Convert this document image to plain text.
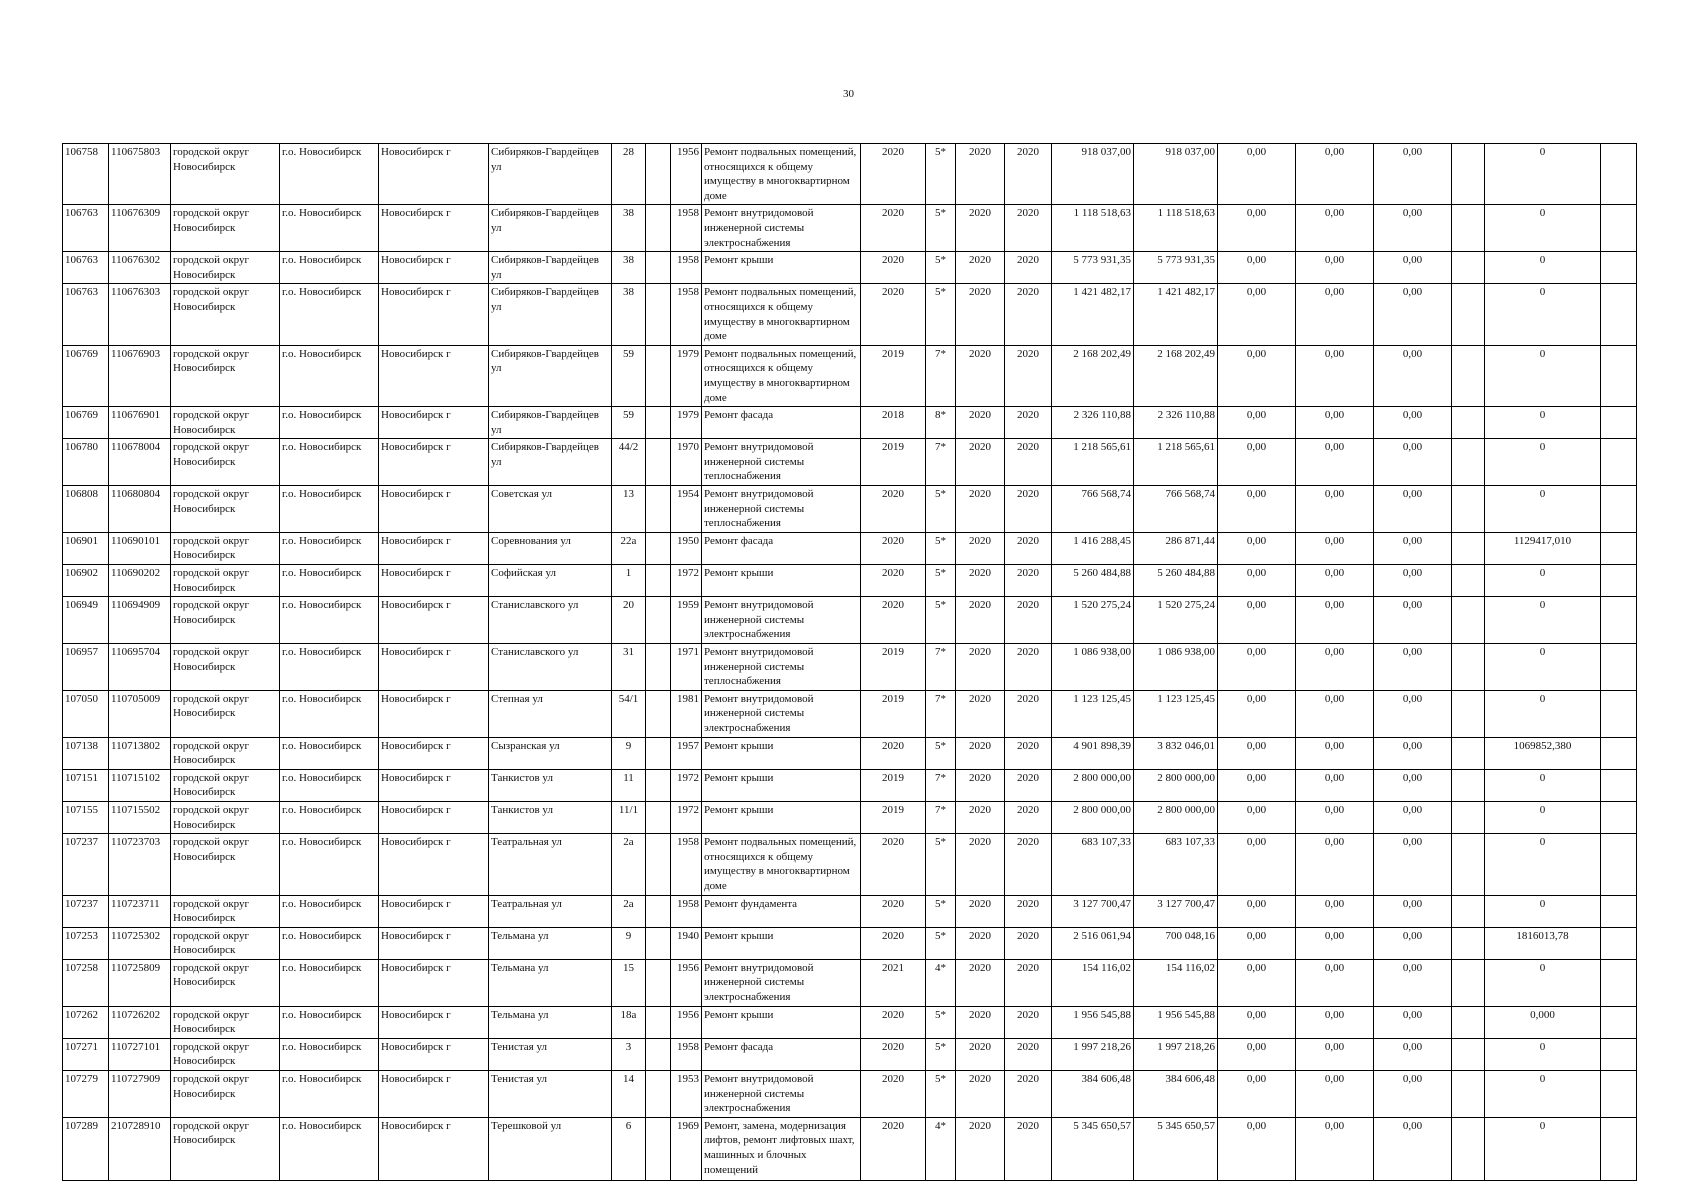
30
106758	110675803	городской округ Новосибирск	г.о. Новосибирск	Новосибирск г	Сибиряков-Гвардейцев ул	28		1956	Ремонт подвальных помещений, относящихся к общему имуществу в многоквартирном доме	2020	5*	2020	2020	918 037,00	918 037,00	0,00	0,00	0,00		0	
106763	110676309	городской округ Новосибирск	г.о. Новосибирск	Новосибирск г	Сибиряков-Гвардейцев ул	38		1958	Ремонт внутридомовой инженерной системы электроснабжения	2020	5*	2020	2020	1 118 518,63	1 118 518,63	0,00	0,00	0,00		0	
106763	110676302	городской округ Новосибирск	г.о. Новосибирск	Новосибирск г	Сибиряков-Гвардейцев ул	38		1958	Ремонт крыши	2020	5*	2020	2020	5 773 931,35	5 773 931,35	0,00	0,00	0,00		0	
106763	110676303	городской округ Новосибирск	г.о. Новосибирск	Новосибирск г	Сибиряков-Гвардейцев ул	38		1958	Ремонт подвальных помещений, относящихся к общему имуществу в многоквартирном доме	2020	5*	2020	2020	1 421 482,17	1 421 482,17	0,00	0,00	0,00		0	
106769	110676903	городской округ Новосибирск	г.о. Новосибирск	Новосибирск г	Сибиряков-Гвардейцев ул	59		1979	Ремонт подвальных помещений, относящихся к общему имуществу в многоквартирном доме	2019	7*	2020	2020	2 168 202,49	2 168 202,49	0,00	0,00	0,00		0	
106769	110676901	городской округ Новосибирск	г.о. Новосибирск	Новосибирск г	Сибиряков-Гвардейцев ул	59		1979	Ремонт фасада	2018	8*	2020	2020	2 326 110,88	2 326 110,88	0,00	0,00	0,00		0	
106780	110678004	городской округ Новосибирск	г.о. Новосибирск	Новосибирск г	Сибиряков-Гвардейцев ул	44/2		1970	Ремонт внутридомовой инженерной системы теплоснабжения	2019	7*	2020	2020	1 218 565,61	1 218 565,61	0,00	0,00	0,00		0	
106808	110680804	городской округ Новосибирск	г.о. Новосибирск	Новосибирск г	Советская ул	13		1954	Ремонт внутридомовой инженерной системы теплоснабжения	2020	5*	2020	2020	766 568,74	766 568,74	0,00	0,00	0,00		0	
106901	110690101	городской округ Новосибирск	г.о. Новосибирск	Новосибирск г	Соревнования ул	22а		1950	Ремонт фасада	2020	5*	2020	2020	1 416 288,45	286 871,44	0,00	0,00	0,00		1129417,010	
106902	110690202	городской округ Новосибирск	г.о. Новосибирск	Новосибирск г	Софийская ул	1		1972	Ремонт крыши	2020	5*	2020	2020	5 260 484,88	5 260 484,88	0,00	0,00	0,00		0	
106949	110694909	городской округ Новосибирск	г.о. Новосибирск	Новосибирск г	Станиславского ул	20		1959	Ремонт внутридомовой инженерной системы электроснабжения	2020	5*	2020	2020	1 520 275,24	1 520 275,24	0,00	0,00	0,00		0	
106957	110695704	городской округ Новосибирск	г.о. Новосибирск	Новосибирск г	Станиславского ул	31		1971	Ремонт внутридомовой инженерной системы теплоснабжения	2019	7*	2020	2020	1 086 938,00	1 086 938,00	0,00	0,00	0,00		0	
107050	110705009	городской округ Новосибирск	г.о. Новосибирск	Новосибирск г	Степная ул	54/1		1981	Ремонт внутридомовой инженерной системы электроснабжения	2019	7*	2020	2020	1 123 125,45	1 123 125,45	0,00	0,00	0,00		0	
107138	110713802	городской округ Новосибирск	г.о. Новосибирск	Новосибирск г	Сызранская ул	9		1957	Ремонт крыши	2020	5*	2020	2020	4 901 898,39	3 832 046,01	0,00	0,00	0,00		1069852,380	
107151	110715102	городской округ Новосибирск	г.о. Новосибирск	Новосибирск г	Танкистов ул	11		1972	Ремонт крыши	2019	7*	2020	2020	2 800 000,00	2 800 000,00	0,00	0,00	0,00		0	
107155	110715502	городской округ Новосибирск	г.о. Новосибирск	Новосибирск г	Танкистов ул	11/1		1972	Ремонт крыши	2019	7*	2020	2020	2 800 000,00	2 800 000,00	0,00	0,00	0,00		0	
107237	110723703	городской округ Новосибирск	г.о. Новосибирск	Новосибирск г	Театральная ул	2а		1958	Ремонт подвальных помещений, относящихся к общему имуществу в многоквартирном доме	2020	5*	2020	2020	683 107,33	683 107,33	0,00	0,00	0,00		0	
107237	110723711	городской округ Новосибирск	г.о. Новосибирск	Новосибирск г	Театральная ул	2а		1958	Ремонт фундамента	2020	5*	2020	2020	3 127 700,47	3 127 700,47	0,00	0,00	0,00		0	
107253	110725302	городской округ Новосибирск	г.о. Новосибирск	Новосибирск г	Тельмана ул	9		1940	Ремонт крыши	2020	5*	2020	2020	2 516 061,94	700 048,16	0,00	0,00	0,00		1816013,78	
107258	110725809	городской округ Новосибирск	г.о. Новосибирск	Новосибирск г	Тельмана ул	15		1956	Ремонт внутридомовой инженерной системы электроснабжения	2021	4*	2020	2020	154 116,02	154 116,02	0,00	0,00	0,00		0	
107262	110726202	городской округ Новосибирск	г.о. Новосибирск	Новосибирск г	Тельмана ул	18а		1956	Ремонт крыши	2020	5*	2020	2020	1 956 545,88	1 956 545,88	0,00	0,00	0,00		0,000	
107271	110727101	городской округ Новосибирск	г.о. Новосибирск	Новосибирск г	Тенистая ул	3		1958	Ремонт фасада	2020	5*	2020	2020	1 997 218,26	1 997 218,26	0,00	0,00	0,00		0	
107279	110727909	городской округ Новосибирск	г.о. Новосибирск	Новосибирск г	Тенистая ул	14		1953	Ремонт внутридомовой инженерной системы электроснабжения	2020	5*	2020	2020	384 606,48	384 606,48	0,00	0,00	0,00		0	
107289	210728910	городской округ Новосибирск	г.о. Новосибирск	Новосибирск г	Терешковой ул	6		1969	Ремонт, замена, модернизация лифтов, ремонт лифтовых шахт, машинных и блочных помещений	2020	4*	2020	2020	5 345 650,57	5 345 650,57	0,00	0,00	0,00		0	
